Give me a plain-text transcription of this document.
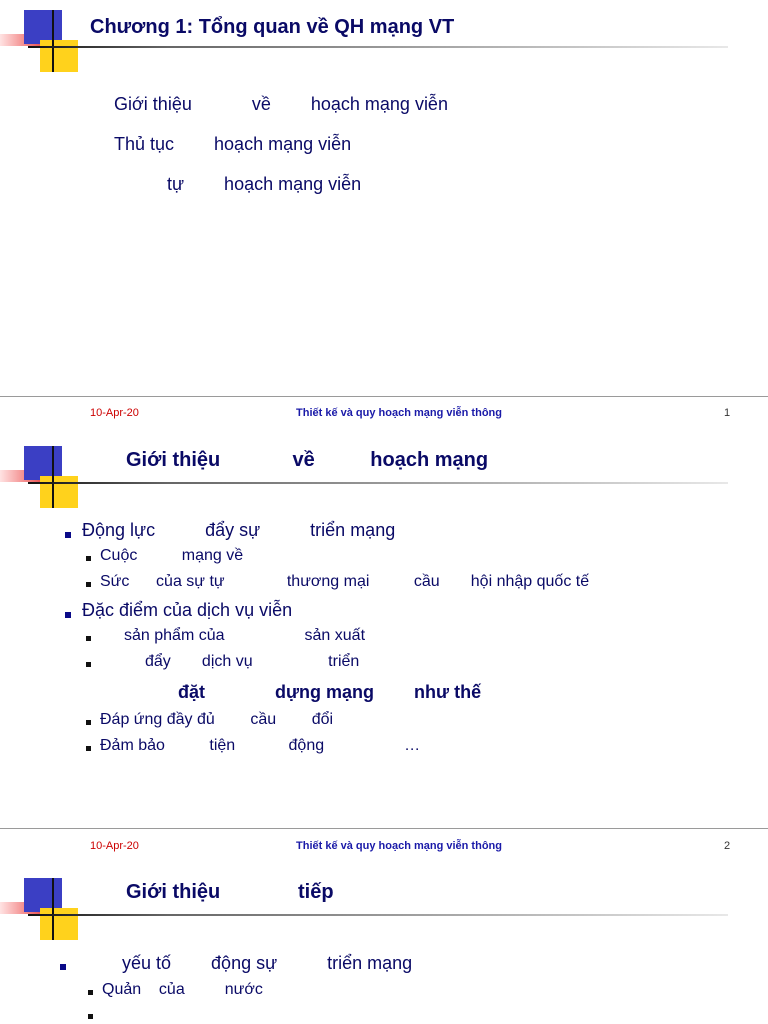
Chương 1: Tổng quan về QH mạng VT
Giới thiệu            về        hoạch mạng viễn
Thủ tục        hoạch mạng viễn
tự        hoạch mạng viễn
10-Apr-20	Thiết kế và quy hoạch mạng viễn thông	1
Giới thiệu             về          hoạch mạng
Động lực          đẩy sự          triển mạng
Cuộc          mạng về
Sức      của sự tự              thương mại          cầu       hội nhập quốc tế
Đặc điểm của dịch vụ viễn
sản phẩm của                  sản xuất
đẩy       dịch vụ                 triển
đặt              dựng mạng        như thế
Đáp ứng đầy đủ        cầu        đổi
Đảm bảo          tiện            động                  …
10-Apr-20	Thiết kế và quy hoạch mạng viễn thông	2
Giới thiệu              tiếp
yếu tố        động sự          triển mạng
Quản    của         nước
